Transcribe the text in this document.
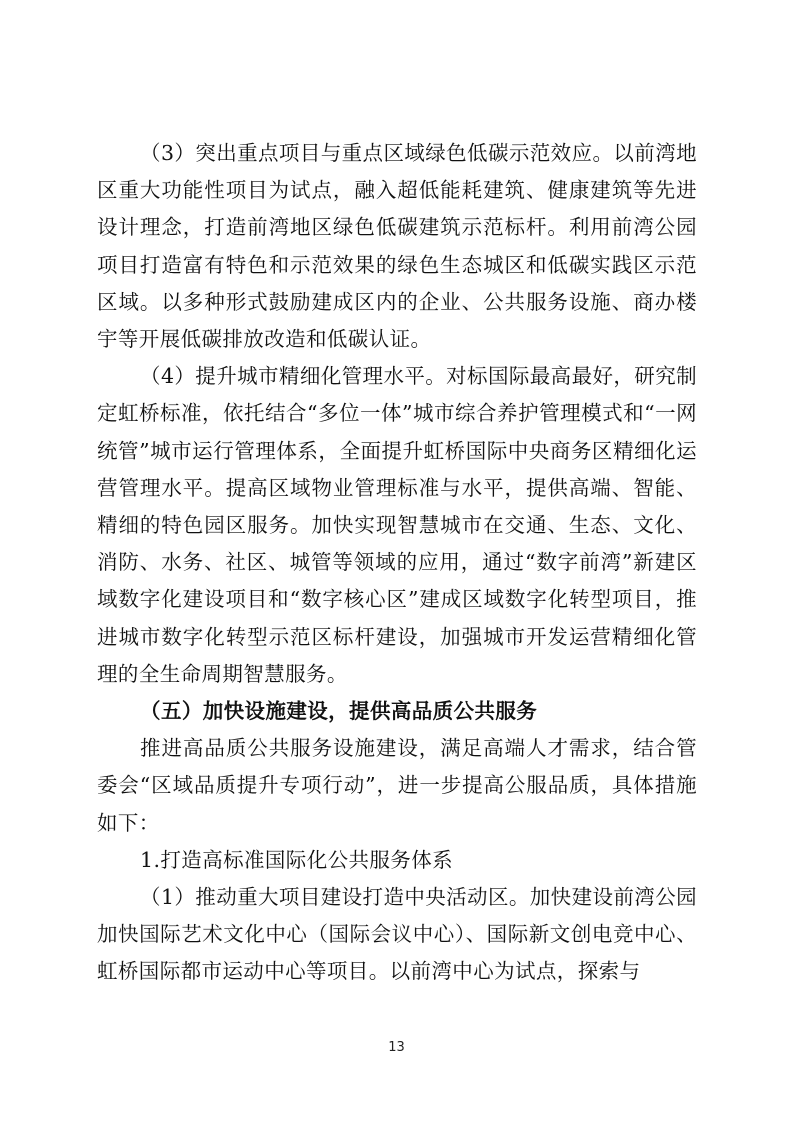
（3）突出重点项目与重点区域绿色低碳示范效应。以前湾地区重大功能性项目为试点，融入超低能耗建筑、健康建筑等先进设计理念，打造前湾地区绿色低碳建筑示范标杆。利用前湾公园项目打造富有特色和示范效果的绿色生态城区和低碳实践区示范区域。以多种形式鼓励建成区内的企业、公共服务设施、商办楼宇等开展低碳排放改造和低碳认证。

（4）提升城市精细化管理水平。对标国际最高最好，研究制定虹桥标准，依托结合“多位一体”城市综合养护管理模式和“一网统管”城市运行管理体系，全面提升虹桥国际中央商务区精细化运营管理水平。提高区域物业管理标准与水平，提供高端、智能、精细的特色园区服务。加快实现智慧城市在交通、生态、文化、消防、水务、社区、城管等领域的应用，通过“数字前湾”新建区域数字化建设项目和“数字核心区”建成区域数字化转型项目，推进城市数字化转型示范区标杆建设，加强城市开发运营精细化管理的全生命周期智慧服务。

（五）加快设施建设，提供高品质公共服务

推进高品质公共服务设施建设，满足高端人才需求，结合管委会“区域品质提升专项行动”，进一步提高公服品质，具体措施如下：

1.打造高标准国际化公共服务体系

（1）推动重大项目建设打造中央活动区。加快建设前湾公园加快国际艺术文化中心（国际会议中心）、国际新文创电竞中心、虹桥国际都市运动中心等项目。以前湾中心为试点，探索与

13
